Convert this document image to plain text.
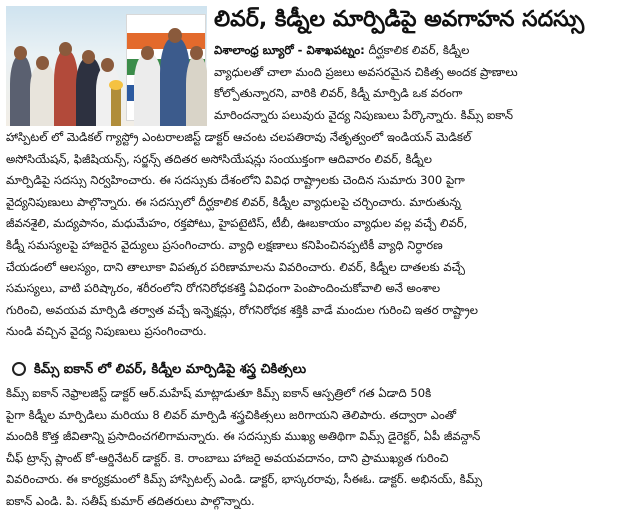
లివర్, కిడ్నీల మార్పిడిపై అవగాహన సదస్సు
విశాలాంధ్ర బ్యూరో - విశాఖపట్నం: దీర్ఘకాలిక లివర్, కిడ్నీల
వ్యాధులతో చాలా మంది ప్రజలు అవసరమైన చికిత్స అందక ప్రాణాలు
కోల్పోతున్నారని, వారికి లివర్, కిడ్నీ మార్పిడి ఒక వరంగా
మారిందన్నారు పలువురు వైద్య నిపుణులు పేర్కొన్నారు. కిమ్స్ ఐకాన్
హాస్పిటల్ లో మెడికల్ గ్యాస్ట్రో ఎంటరాలజిస్ట్ డాక్టర్ ఆచంట చలపతిరావు నేతృత్వంలో ఇండియన్ మెడికల్
అసోసియేషన్, ఫిజీషియన్స్, సర్జన్స్ తదితర అసోసియేషన్లు సంయుక్తంగా ఆదివారం లివర్, కిడ్నీల
మార్పిడిపై సదస్సు నిర్వహించారు. ఈ సదస్సుకు దేశంలోని వివిధ రాష్ట్రాలకు చెందిన సుమారు 300 పైగా
వైద్యనిపుణులు పాల్గొన్నారు. ఈ సదస్సులో దీర్ఘకాలిక లివర్, కిడ్నీల వ్యాధులపై చర్చించారు. మారుతున్న
జీవనశైలి, మద్యపానం, మధుమేహం, రక్తపోటు, హైపటైటిస్, టీబీ, ఊబకాయం వ్యాధుల వల్ల వచ్చే లివర్,
కిడ్నీ సమస్యలపై హాజరైన వైద్యులు ప్రసంగించారు. వ్యాధి లక్షణాలు కనిపించినప్పటికీ వ్యాధి నిర్ధారణ
చేయడంలో ఆలస్యం, దాని తాలూకా విపత్కర పరిణామాలను వివరించారు. లివర్, కిడ్నీల దాతలకు వచ్చే
సమస్యలు, వాటి పరిష్కారం, శరీరంలోని రోగనిరోధకశక్తి ఏవిధంగా పెంపొందించుకోవాలి అనే అంశాల
గురించి, అవయవ మార్పిడి తర్వాత వచ్చే ఇన్ఫెక్షన్లు, రోగనిరోధక శక్తికి వాడే మందుల గురించి ఇతర రాష్ట్రాల
నుండి వచ్చిన వైద్య నిపుణులు ప్రసంగించారు.
కిమ్స్ ఐకాన్ లో లివర్, కిడ్నీల మార్పిడిపై శస్త్ర చికిత్సలు
కిమ్స్ ఐకాన్ నెఫ్రాలజిస్ట్ డాక్టర్ ఆర్.మహేష్ మాట్లాడుతూ కిమ్స్ ఐకాన్ ఆస్పత్రిలో గత ఏడాది 50కి
పైగా కిడ్నీల మార్పిడిలు మరియు 8 లివర్ మార్పిడి శస్త్రచికిత్సలు జరిగాయని తెలిపారు. తద్వారా ఎంతో
మందికి కొత్త జీవితాన్ని ప్రసాదించగలిగామన్నారు. ఈ సదస్సుకు ముఖ్య అతిథిగా విమ్స్ డైరెక్టర్, ఏపీ జీవన్దాన్
చీఫ్ ట్రాన్స్ ప్లాంట్ కో-ఆర్డినేటర్ డాక్టర్. కె. రాంబాబు హాజరై అవయవదానం, దాని ప్రాముఖ్యత గురించి
వివరించారు. ఈ కార్యక్రమంలో కిమ్స్ హాస్పిటల్స్ ఎండి. డాక్టర్, భాస్కరరావు, సీఈఓ. డాక్టర్. అభినయ్, కిమ్స్
ఐకాన్ ఎండి. పి. సతీష్ కుమార్ తదితరులు పాల్గొన్నారు.
